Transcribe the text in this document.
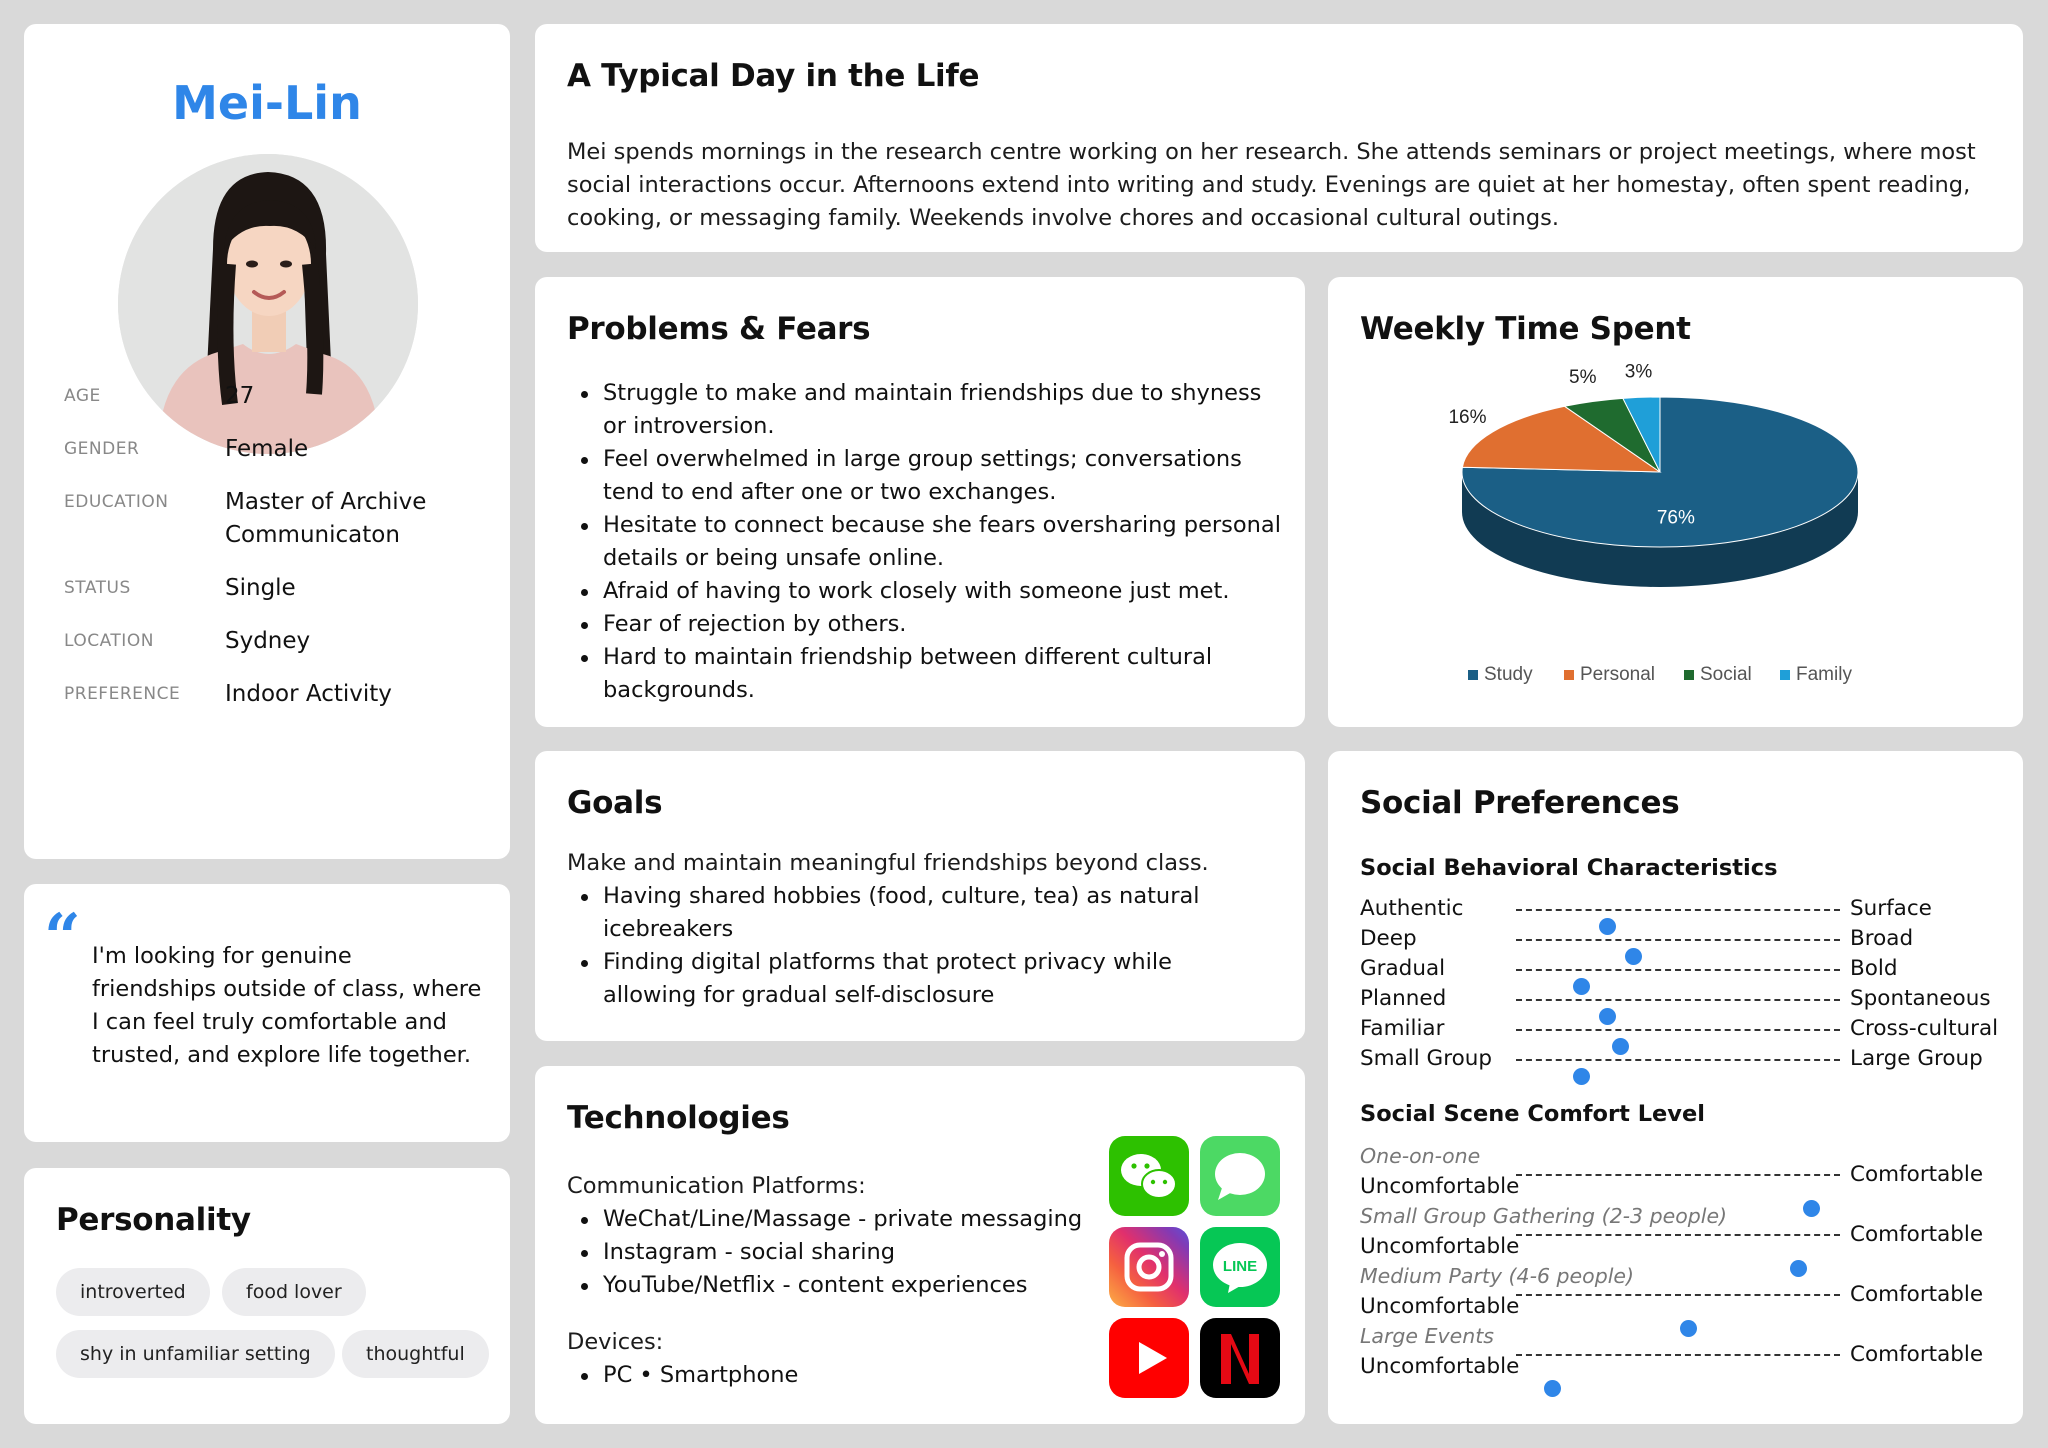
Mei-Lin
AGE	27
GENDER	Female
EDUCATION Master of Archive Communicaton
STATUS	Single
LOCATION	Sydney
PREFERENCE Indoor Activity
“ I'm looking for genuine friendships outside of class, where I can feel truly comfortable and trusted, and explore life together.
Personality
introverted	food lover
shy in unfamiliar setting	thoughtful
A Typical Day in the Life
Mei spends mornings in the research centre working on her research. She attends seminars or project meetings, where most social interactions occur. Afternoons extend into writing and study. Evenings are quiet at her homestay, often spent reading, cooking, or messaging family. Weekends involve chores and occasional cultural outings.
Problems & Fears
Struggle to make and maintain friendships due to shyness or introversion.
Feel overwhelmed in large group settings; conversations tend to end after one or two exchanges.
Hesitate to connect because she fears oversharing personal details or being unsafe online.
Afraid of having to work closely with someone just met.
Fear of rejection by others.
Hard to maintain friendship between different cultural backgrounds.
Weekly Time Spent
76%
16%
5% 3%
Study Personal Social Family
Goals
Make and maintain meaningful friendships beyond class.
Having shared hobbies (food, culture, tea) as natural icebreakers
Finding digital platforms that protect privacy while allowing for gradual self-disclosure
Technologies
Communication Platforms:
WeChat/Line/Massage - private messaging
Instagram - social sharing
YouTube/Netflix - content experiences
Devices:
PC • Smartphone
LINE
Social Preferences
Social Behavioral Characteristics
Authentic	Surface
Deep	Broad
Gradual	Bold
Planned	Spontaneous
Familiar	Cross-cultural
Small Group	Large Group
Social Scene Comfort Level
One-on-one
Uncomfortable	Comfortable
Small Group Gathering (2-3 people)
Uncomfortable	Comfortable
Medium Party (4-6 people)
Uncomfortable	Comfortable
Large Events
Uncomfortable	Comfortable
